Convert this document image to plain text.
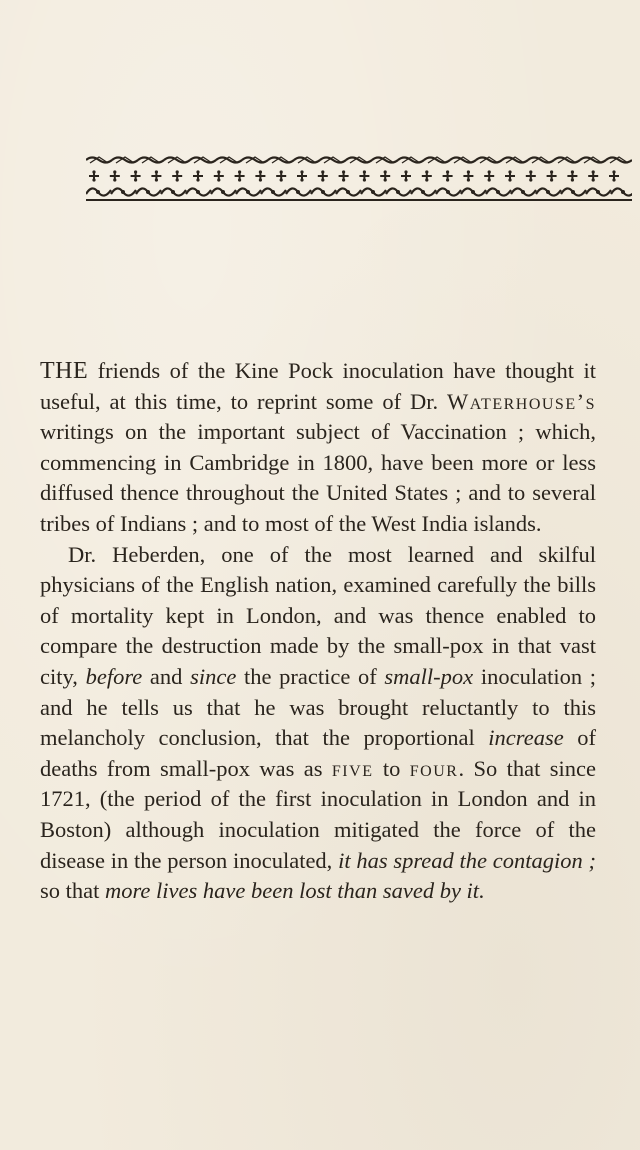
THE friends of the Kine Pock inoculation have thought it useful, at this time, to reprint some of Dr. Waterhouse’s writings on the important subject of Vaccination ; which, commencing in Cambridge in 1800, have been more or less diffused thence throughout the United States ; and to several tribes of Indians ; and to most of the West India islands.

Dr. Heberden, one of the most learned and skilful physicians of the English nation, examined carefully the bills of mortality kept in London, and was thence enabled to compare the destruction made by the small-pox in that vast city, before and since the practice of small-pox inoculation ; and he tells us that he was brought reluctantly to this melancholy conclusion, that the proportional increase of deaths from small-pox was as five to four. So that since 1721, (the period of the first inoculation in London and in Boston) although inoculation mitigated the force of the disease in the person inoculated, it has spread the contagion ; so that more lives have been lost than saved by it.
